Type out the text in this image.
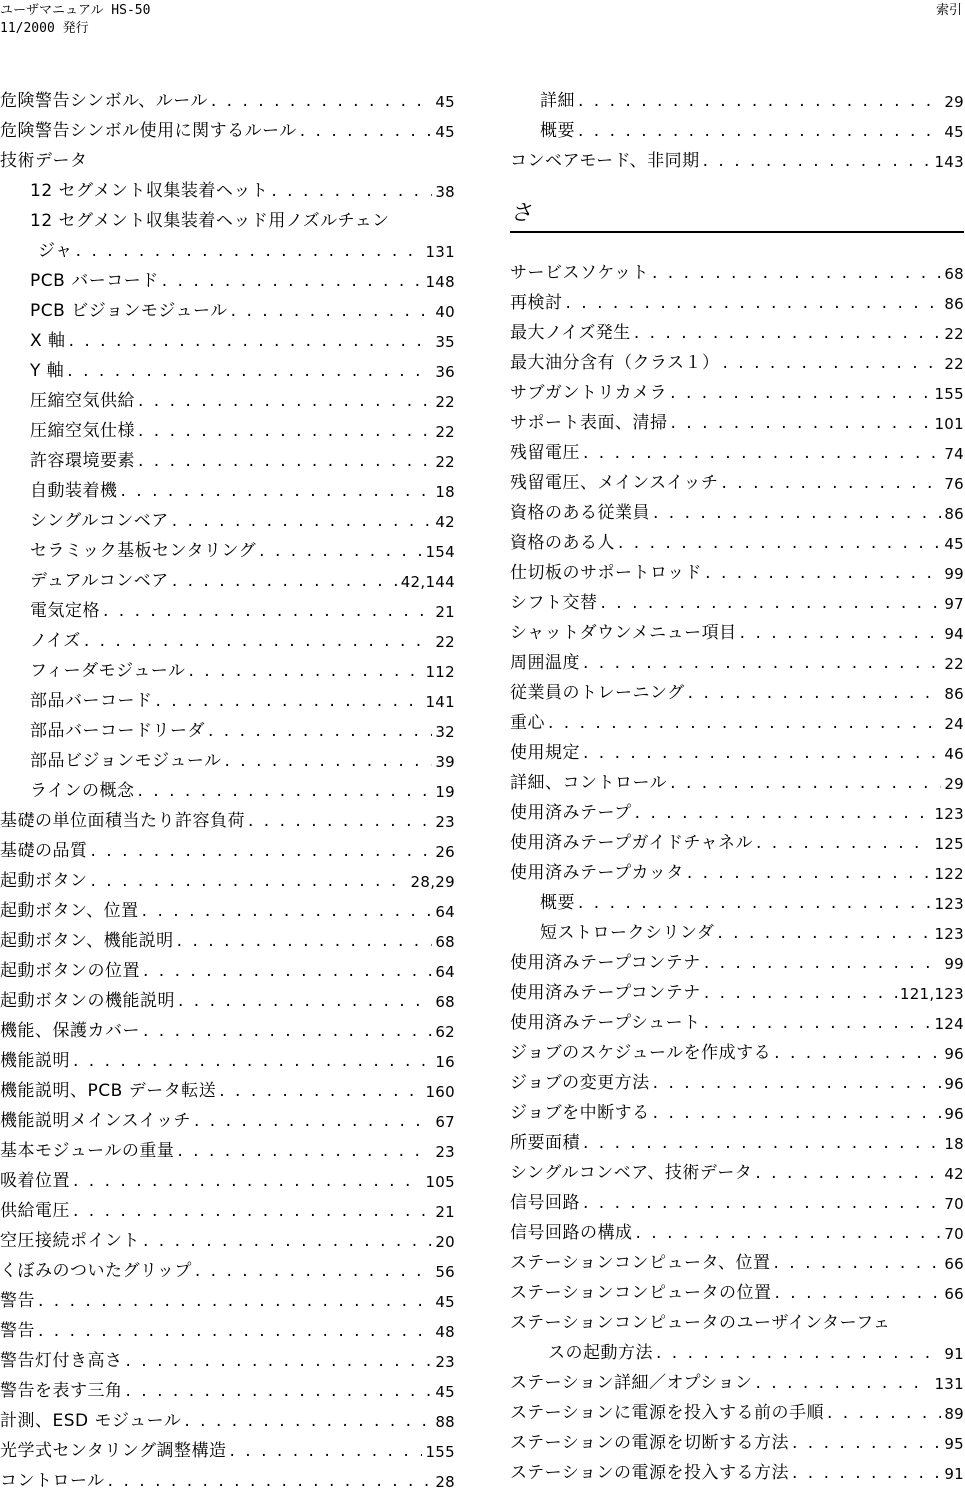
ユーザマニュアル HS-50
11/2000 発行
索引
危険警告シンボル、ルール . . .	45
危険警告シンボル使用に関するルール . . .	45
技術データ
12 セグメント収集装着ヘット . . .	38
12 セグメント収集装着ヘッド用ノズルチェン
ジャ . . .	131
PCB バーコード . . .	148
PCB ビジョンモジュール . . .	40
X 軸 . . .	35
Y 軸 . . .	36
圧縮空気供給 . . .	22
圧縮空気仕様 . . .	22
許容環境要素 . . .	22
自動装着機 . . .	18
シングルコンベア . . .	42
セラミック基板センタリング . . .	154
デュアルコンベア . . .	42,144
電気定格 . . .	21
ノイズ . . .	22
フィーダモジュール . . .	112
部品バーコード . . .	141
部品バーコードリーダ . . .	32
部品ビジョンモジュール . . .	39
ラインの概念 . . .	19
基礎の単位面積当たり許容負荷 . . .	23
基礎の品質 . . .	26
起動ボタン . . .	28,29
起動ボタン、位置 . . .	64
起動ボタン、機能説明 . . .	68
起動ボタンの位置 . . .	64
起動ボタンの機能説明 . . .	68
機能、保護カバー . . .	62
機能説明 . . .	16
機能説明、PCB データ転送 . . .	160
機能説明メインスイッチ . . .	67
基本モジュールの重量 . . .	23
吸着位置 . . .	105
供給電圧 . . .	21
空圧接続ポイント . . .	20
くぼみのついたグリップ . . .	56
警告 . . .	45
警告 . . .	48
警告灯付き高さ . . .	23
警告を表す三角 . . .	45
計測、ESD モジュール . . .	88
光学式センタリング調整構造 . . .	155
コントロール . . .	28
詳細 . . .	29
概要 . . .	45
コンベアモード、非同期 . . .	143
さ
サービスソケット . . .	68
再検討 . . .	86
最大ノイズ発生 . . .	22
最大油分含有（クラス１） . . .	22
サブガントリカメラ . . .	155
サポート表面、清掃 . . .	101
残留電圧 . . .	74
残留電圧、メインスイッチ . . .	76
資格のある従業員 . . .	86
資格のある人 . . .	45
仕切板のサポートロッド . . .	99
シフト交替 . . .	97
シャットダウンメニュー項目 . . .	94
周囲温度 . . .	22
従業員のトレーニング . . .	86
重心 . . .	24
使用規定 . . .	46
詳細、コントロール . . .	29
使用済みテープ . . .	123
使用済みテープガイドチャネル . . .	125
使用済みテープカッタ . . .	122
概要 . . .	123
短ストロークシリンダ . . .	123
使用済みテープコンテナ . . .	99
使用済みテープコンテナ . . .	121,123
使用済みテープシュート . . .	124
ジョブのスケジュールを作成する . . .	96
ジョブの変更方法 . . .	96
ジョブを中断する . . .	96
所要面積 . . .	18
シングルコンベア、技術データ . . .	42
信号回路 . . .	70
信号回路の構成 . . .	70
ステーションコンピュータ、位置 . . .	66
ステーションコンピュータの位置 . . .	66
ステーションコンピュータのユーザインターフェ
スの起動方法 . . .	91
ステーション詳細／オプション . . .	131
ステーションに電源を投入する前の手順 . . .	89
ステーションの電源を切断する方法 . . .	95
ステーションの電源を投入する方法 . . .	91
